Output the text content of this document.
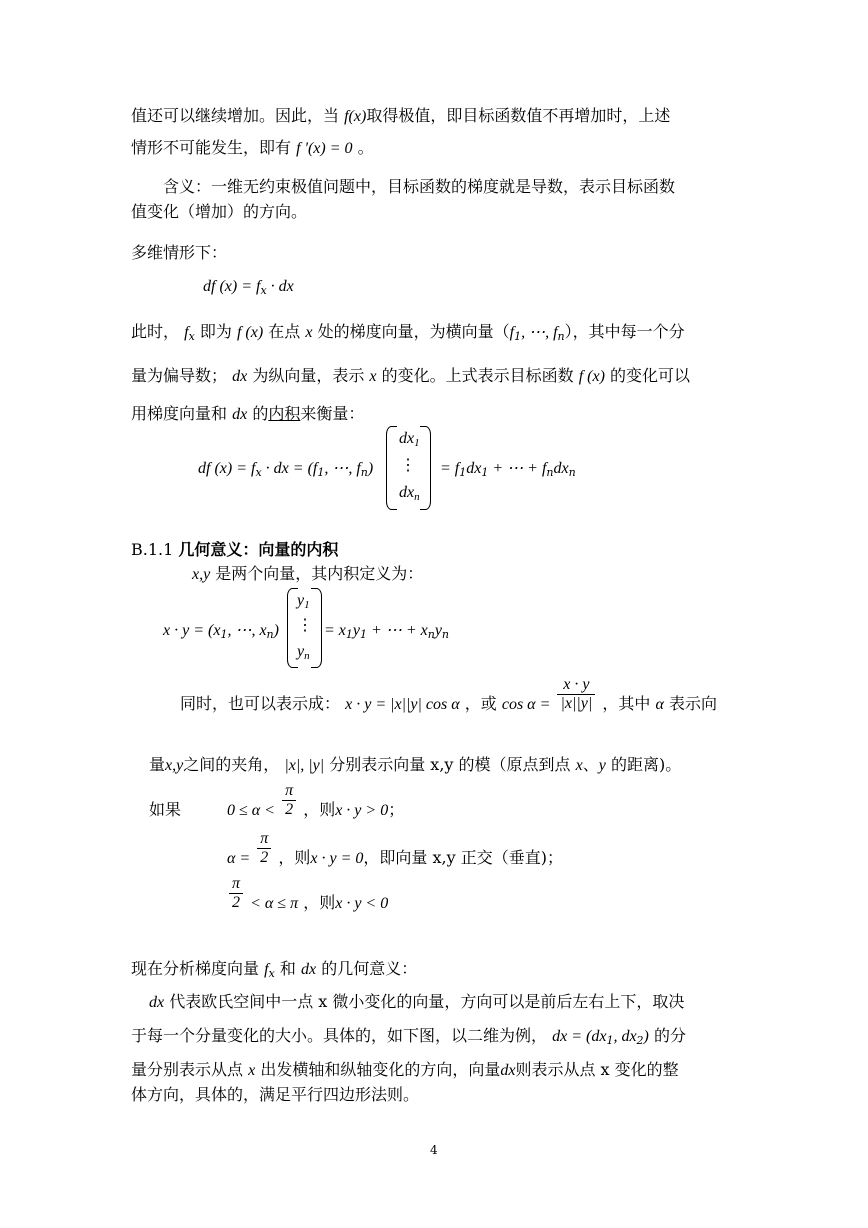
值还可以继续增加。因此，当 f(x)取得极值，即目标函数值不再增加时，上述
情形不可能发生，即有 f '(x) = 0 。
含义：一维无约束极值问题中，目标函数的梯度就是导数，表示目标函数
值变化（增加）的方向。
多维情形下：
df $(x) = f_x$ · dx
此时， $f_x$ 即为 f (x) 在点 x 处的梯度向量，为横向量（$f_1$, ⋯, $f_n$），其中每一个分
量为偏导数； dx 为纵向量，表示 x 的变化。上式表示目标函数 f (x) 的变化可以
用梯度向量和 dx 的内积来衡量：
df $(x) = f_x$ · dx = ($f_1$, ⋯, $f_n$)
$dx_1$
⋮
$dx_n$
= $f_1dx_1$ + ⋯ + $f_ndx_n$
B.1.1 几何意义：向量的内积
x,y 是两个向量，其内积定义为：
$x \cdot y = (x_1$, ⋯, $x_n$)
$y_1$
⋮
$y_n$
= $x_1y_1$ + ⋯ + $x_ny_n$
同时，也可以表示成： x · y = |x||y| cos α ，或 $\cos \alpha = \frac{x \cdot y}{|x||y|}$ ，其中 α 表示向
量x,y之间的夹角， |x|, |y| 分别表示向量 x,y 的模（原点到点 x、y 的距离)。
如果	$0 \le \alpha < \frac{\pi}{2}$ ，则x · y > 0；
$\alpha = \frac{\pi}{2}$ ，则x · y = 0，即向量 x,y 正交（垂直)；
$\frac{\pi}{2} < \alpha \le \pi$ ，则x · y < 0
现在分析梯度向量 $f_x$ 和 dx 的几何意义：
dx 代表欧氏空间中一点 x 微小变化的向量，方向可以是前后左右上下，取决
于每一个分量变化的大小。具体的，如下图，以二维为例， dx = ($dx_1$, $dx_2$) 的分
量分别表示从点 x 出发横轴和纵轴变化的方向，向量dx则表示从点 x 变化的整
体方向，具体的，满足平行四边形法则。
4
